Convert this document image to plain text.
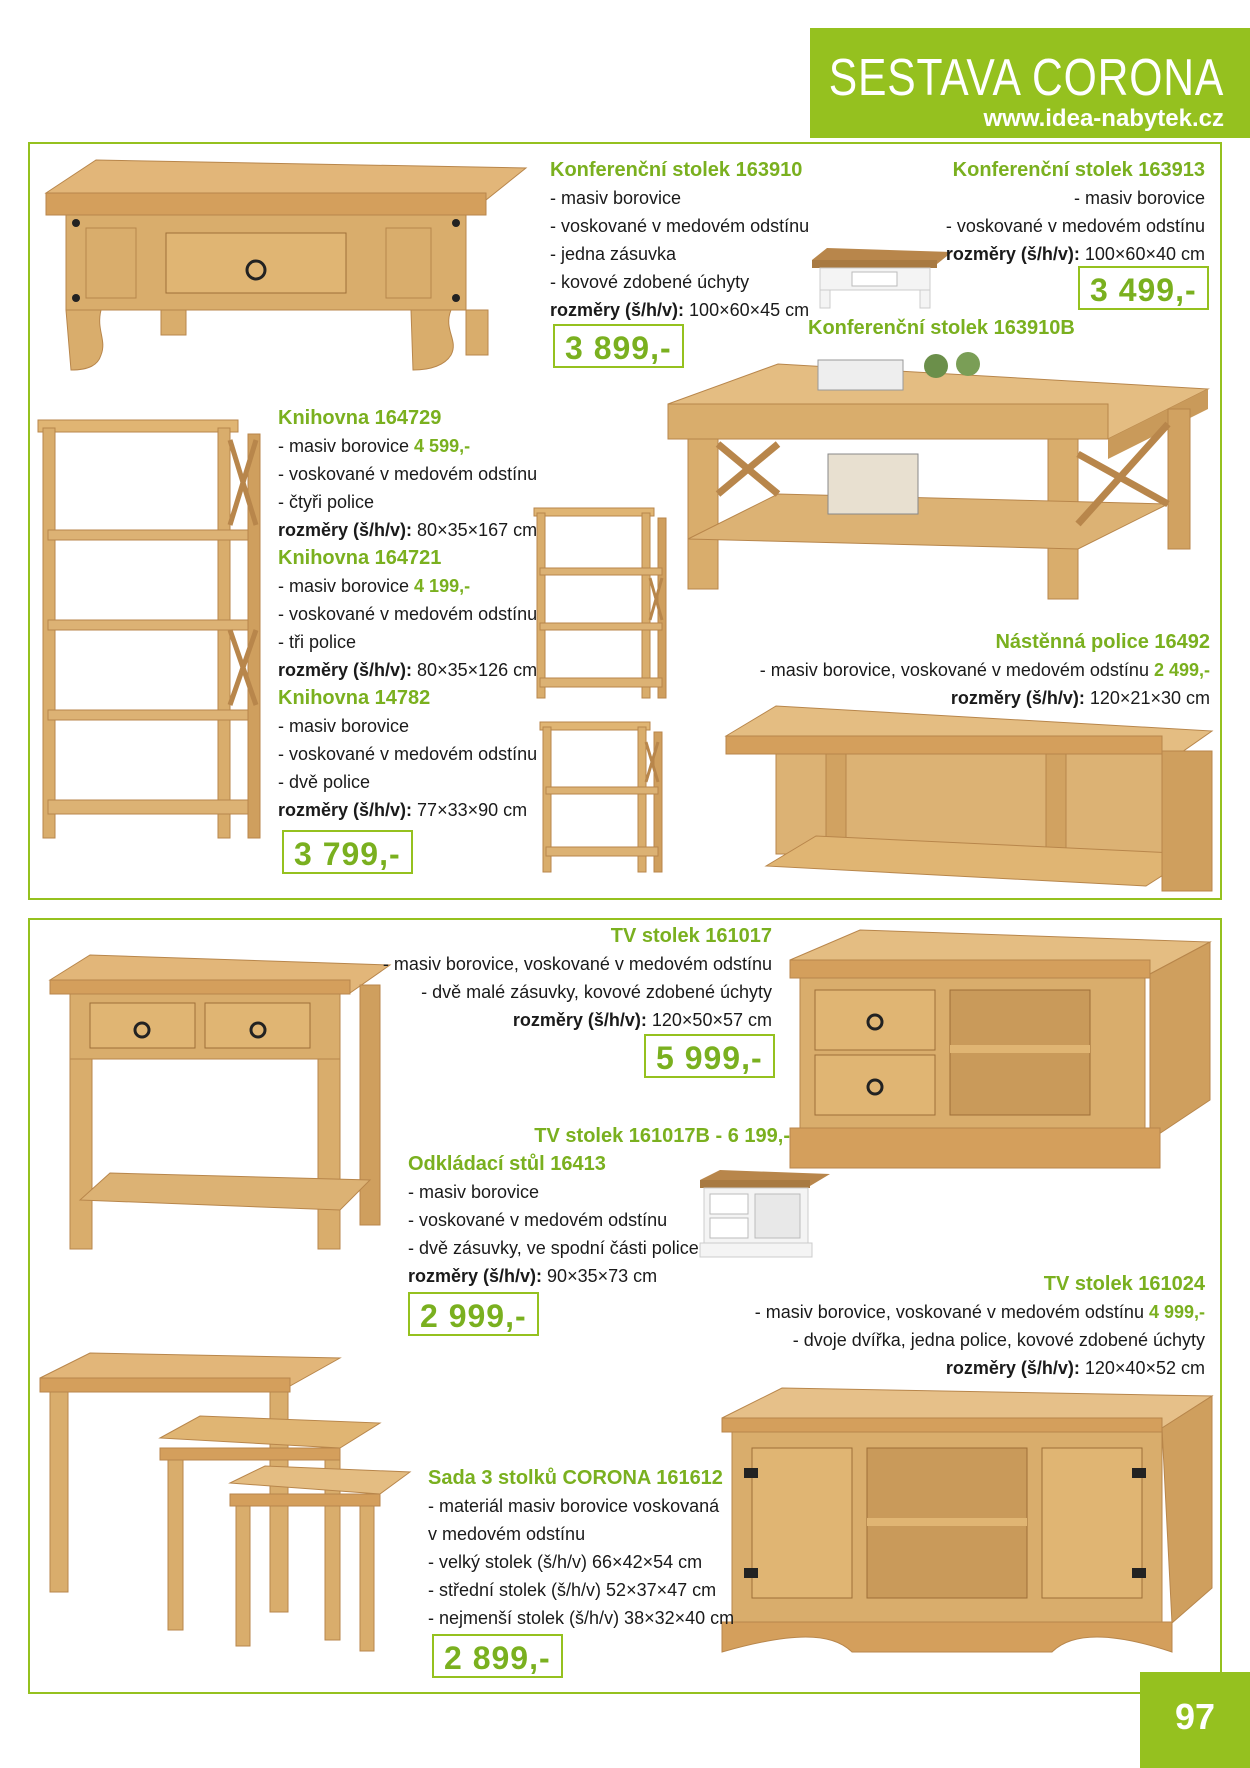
SESTAVA CORONA
www.idea-nabytek.cz
Konferenční stolek 163910
- masiv borovice
- voskované v medovém odstínu
- jedna zásuvka
- kovové zdobené úchyty
rozměry (š/h/v): 100×60×45 cm
3 899,-
Konferenční stolek 163913
- masiv borovice
- voskované v medovém odstínu
rozměry (š/h/v): 100×60×40 cm
3 499,-
Konferenční stolek 163910B
Knihovna 164729
- masiv borovice 4 599,-
- voskované v medovém odstínu
- čtyři police
rozměry (š/h/v): 80×35×167 cm
Knihovna 164721
- masiv borovice 4 199,-
- voskované v medovém odstínu
- tři police
rozměry (š/h/v): 80×35×126 cm
Knihovna 14782
- masiv borovice
- voskované v medovém odstínu
- dvě police
rozměry (š/h/v): 77×33×90 cm
3 799,-
Nástěnná police 16492
- masiv borovice, voskované v medovém odstínu 2 499,-
rozměry (š/h/v): 120×21×30 cm
TV stolek 161017
- masiv borovice, voskované v medovém odstínu
- dvě malé zásuvky, kovové zdobené úchyty
rozměry (š/h/v): 120×50×57 cm
5 999,-
TV stolek 161017B - 6 199,-
Odkládací stůl 16413
- masiv borovice
- voskované v medovém odstínu
- dvě zásuvky, ve spodní části police
rozměry (š/h/v): 90×35×73 cm
2 999,-
TV stolek 161024
- masiv borovice, voskované v medovém odstínu 4 999,-
- dvoje dvířka, jedna police, kovové zdobené úchyty
rozměry (š/h/v): 120×40×52 cm
Sada 3 stolků CORONA 161612
- materiál masiv borovice voskovaná
v medovém odstínu
- velký stolek (š/h/v) 66×42×54 cm
- střední stolek (š/h/v) 52×37×47 cm
- nejmenší stolek (š/h/v) 38×32×40 cm
2 899,-
97
